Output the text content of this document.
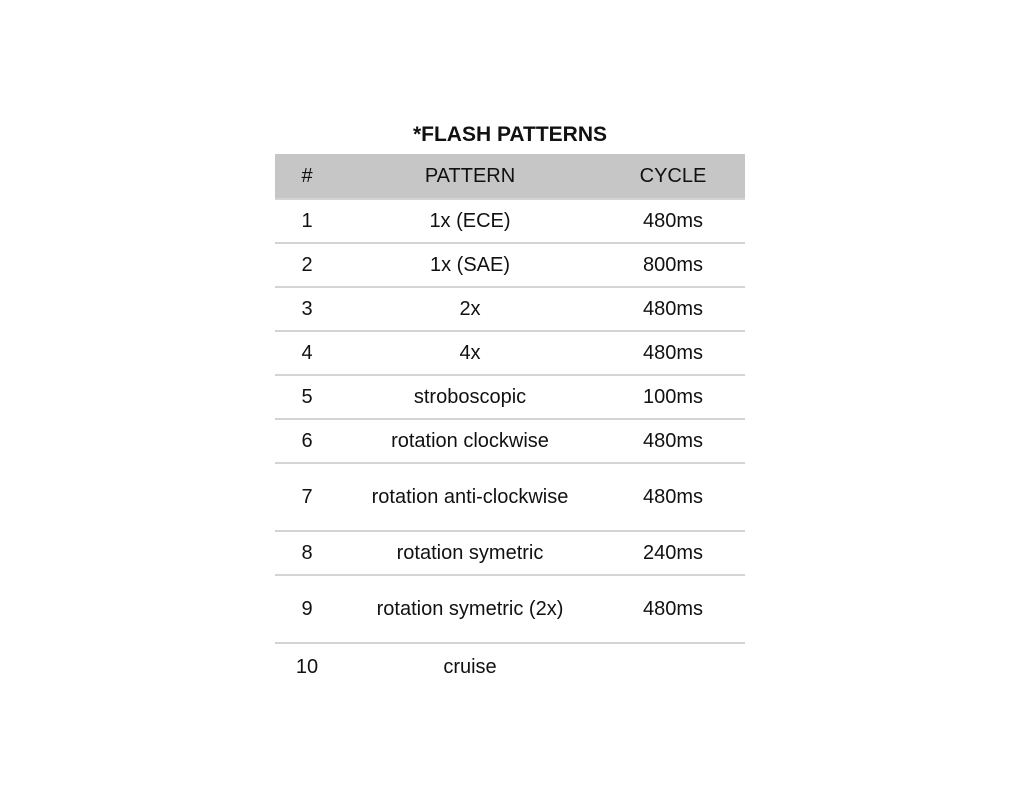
*FLASH PATTERNS
#	PATTERN	CYCLE
1	1x (ECE)	480ms
2	1x (SAE)	800ms
3	2x	480ms
4	4x	480ms
5	stroboscopic	100ms
6	rotation clockwise	480ms
7	rotation anti-clockwise	480ms
8	rotation symetric	240ms
9	rotation symetric (2x)	480ms
10	cruise
